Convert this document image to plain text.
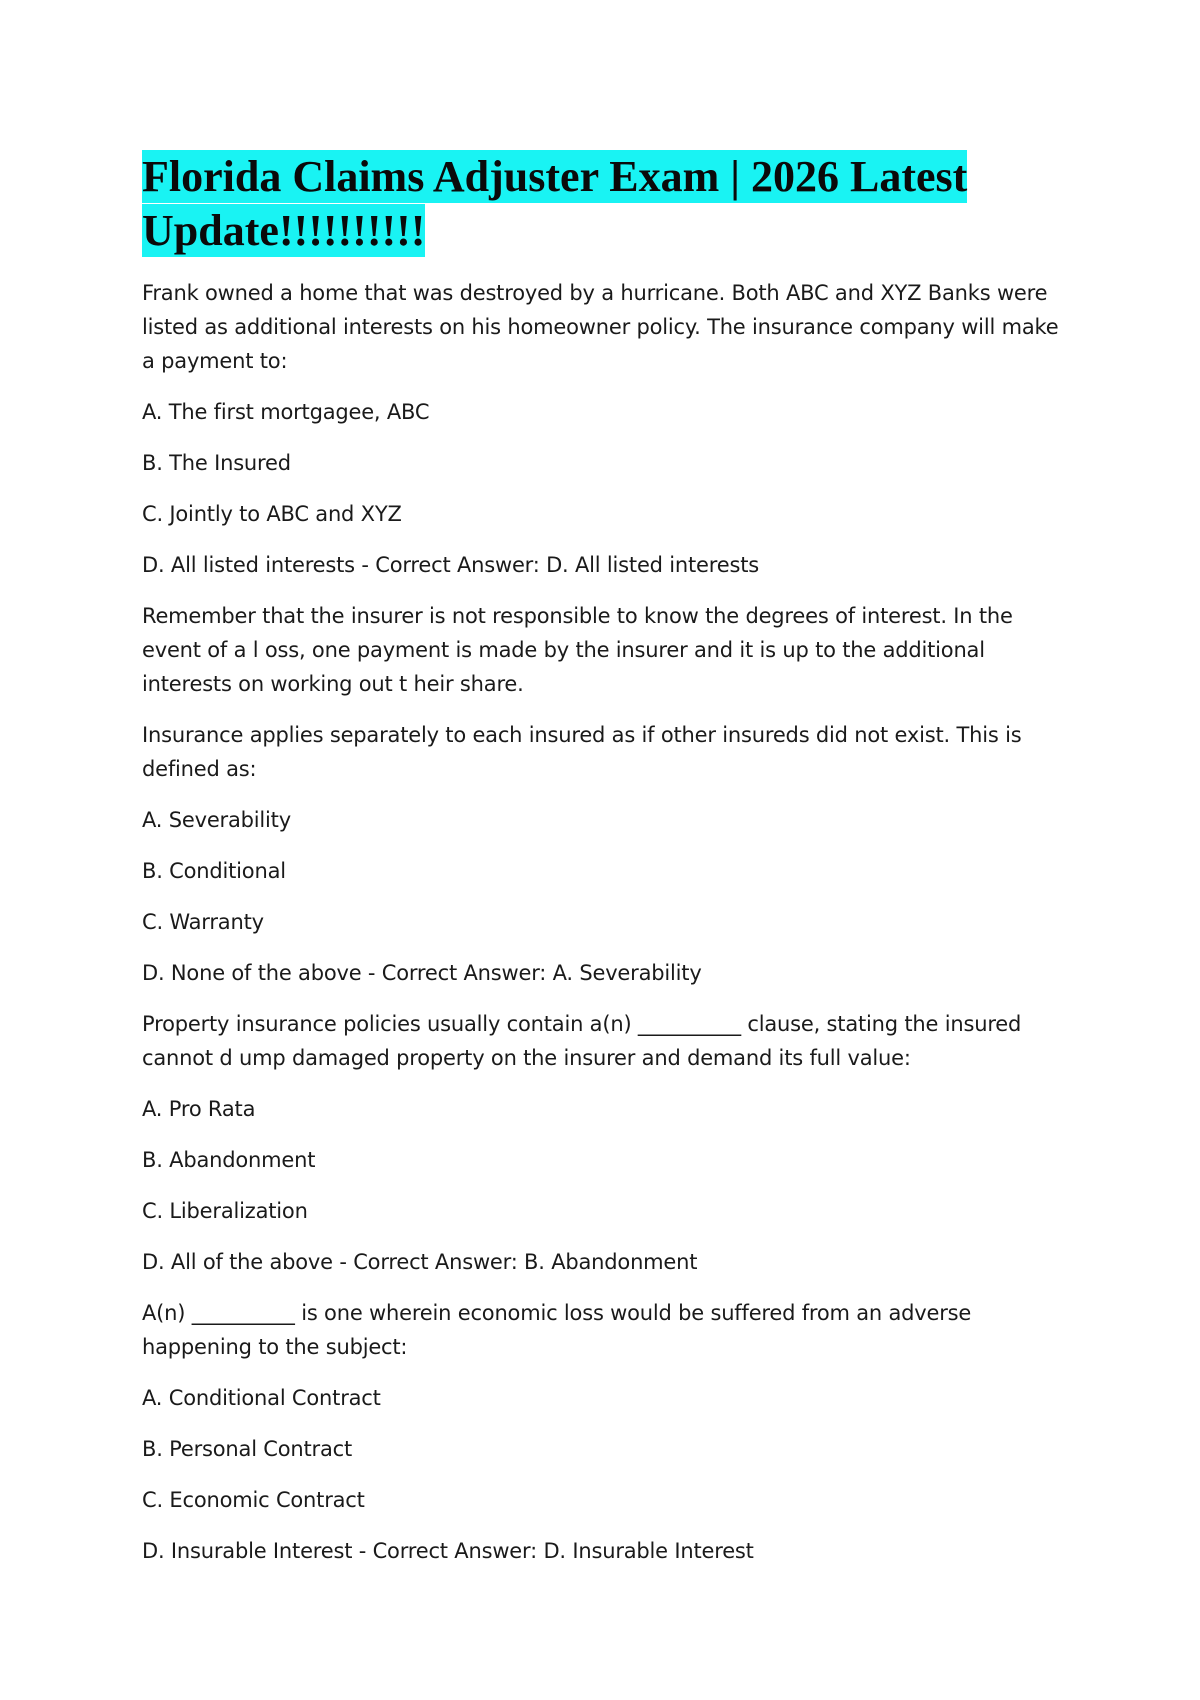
Florida Claims Adjuster Exam | 2026 Latest
Update!!!!!!!!!!

Frank owned a home that was destroyed by a hurricane. Both ABC and XYZ Banks were listed as additional interests on his homeowner policy. The insurance company will make a payment to:

A. The first mortgagee, ABC

B. The Insured

C. Jointly to ABC and XYZ

D. All listed interests - Correct Answer: D. All listed interests

Remember that the insurer is not responsible to know the degrees of interest. In the event of a l oss, one payment is made by the insurer and it is up to the additional interests on working out t heir share.

Insurance applies separately to each insured as if other insureds did not exist. This is defined as:

A. Severability

B. Conditional

C. Warranty

D. None of the above - Correct Answer: A. Severability

Property insurance policies usually contain a(n) __________ clause, stating the insured cannot d ump damaged property on the insurer and demand its full value:

A. Pro Rata

B. Abandonment

C. Liberalization

D. All of the above - Correct Answer: B. Abandonment

A(n) __________ is one wherein economic loss would be suffered from an adverse happening to the subject:

A. Conditional Contract

B. Personal Contract

C. Economic Contract

D. Insurable Interest - Correct Answer: D. Insurable Interest
